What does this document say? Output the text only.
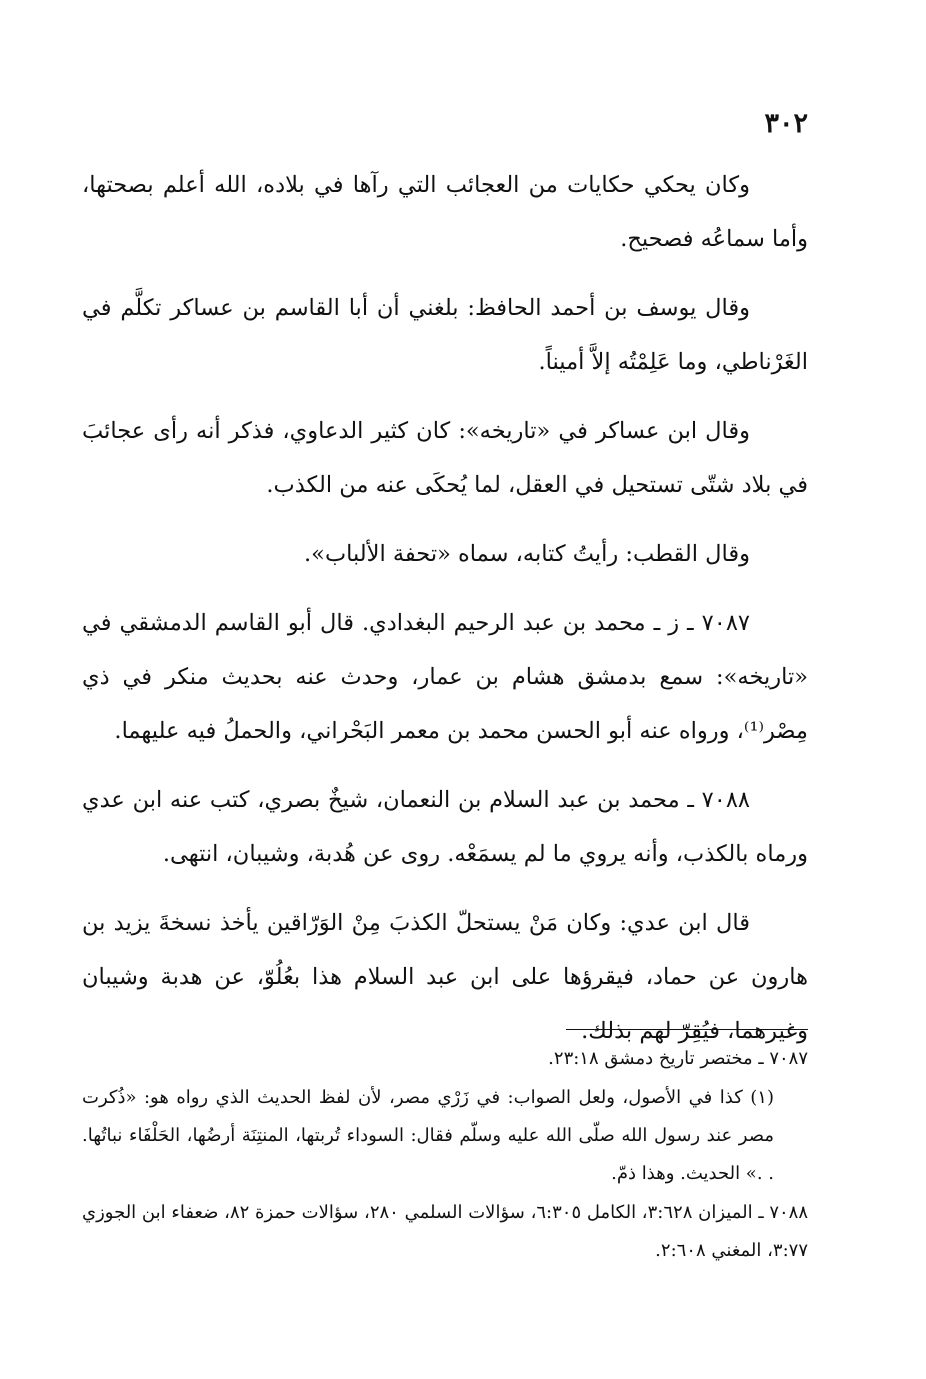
٣٠٢

وكان يحكي حكايات من العجائب التي رآها في بلاده، الله أعلم بصحتها، وأما سماعُه فصحيح.

وقال يوسف بن أحمد الحافظ: بلغني أن أبا القاسم بن عساكر تكلَّم في الغَرْناطي، وما عَلِمْتُه إلاَّ أميناً.

وقال ابن عساكر في «تاريخه»: كان كثير الدعاوي، فذكر أنه رأى عجائبَ في بلاد شتّى تستحيل في العقل، لما يُحكَى عنه من الكذب.

وقال القطب: رأيتُ كتابه، سماه «تحفة الألباب».

٧٠٨٧ ـ ز ـ محمد بن عبد الرحيم البغدادي. قال أبو القاسم الدمشقي في «تاريخه»: سمع بدمشق هشام بن عمار، وحدث عنه بحديث منكر في ذي مِصْر⁽¹⁾، ورواه عنه أبو الحسن محمد بن معمر البَحْراني، والحملُ فيه عليهما.

٧٠٨٨ ـ محمد بن عبد السلام بن النعمان، شيخٌ بصري، كتب عنه ابن عدي ورماه بالكذب، وأنه يروي ما لم يسمَعْه. روى عن هُدبة، وشيبان، انتهى.

قال ابن عدي: وكان مَنْ يستحلّ الكذبَ مِنْ الوَرّاقين يأخذ نسخةَ يزيد بن هارون عن حماد، فيقرؤها على ابن عبد السلام هذا بعُلُوّ، عن هدبة وشيبان وغيرهما، فيُقِرّ لهم بذلك.

٧٠٨٧ ـ مختصر تاريخ دمشق ٢٣:١٨.

(١) كذا في الأصول، ولعل الصواب: في زَرْي مصر، لأن لفظ الحديث الذي رواه هو: «ذُكرت مصر عند رسول الله صلّى الله عليه وسلّم فقال: السوداء تُربتها، المنتِنَة أرضُها، الحَلْفَاء نباتُها. . .» الحديث. وهذا ذمّ.

٧٠٨٨ ـ الميزان ٣:٦٢٨، الكامل ٦:٣٠٥، سؤالات السلمي ٢٨٠، سؤالات حمزة ٨٢، ضعفاء ابن الجوزي ٣:٧٧، المغني ٢:٦٠٨.
